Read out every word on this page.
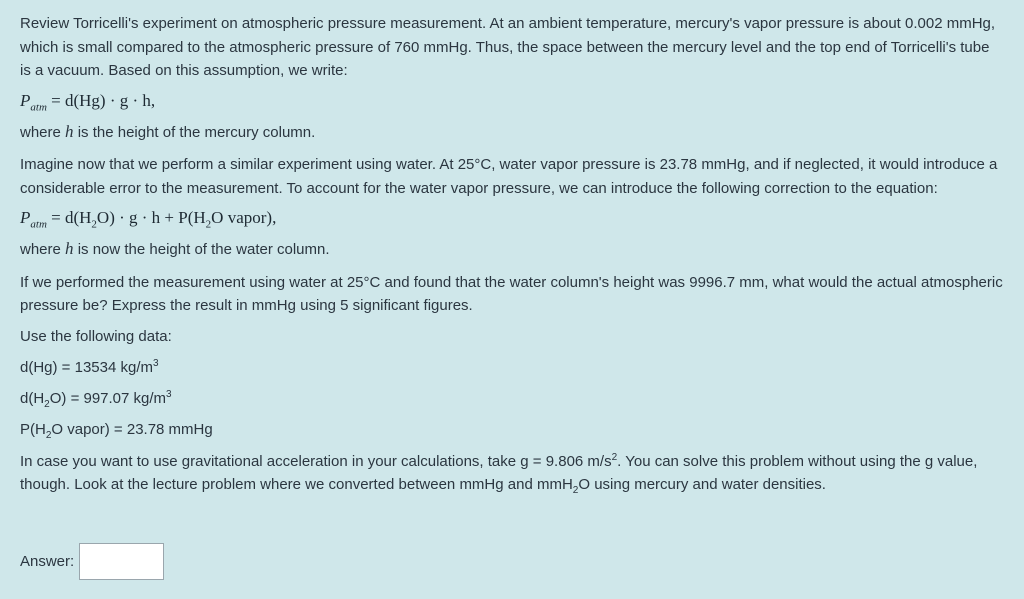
Review Torricelli's experiment on atmospheric pressure measurement. At an ambient temperature, mercury's vapor pressure is about 0.002 mmHg, which is small compared to the atmospheric pressure of 760 mmHg. Thus, the space between the mercury level and the top end of Torricelli's tube is a vacuum. Based on this assumption, we write:

$P_{atm} = d(Hg) \cdot g \cdot h$,

where h is the height of the mercury column.

Imagine now that we perform a similar experiment using water. At 25°C, water vapor pressure is 23.78 mmHg, and if neglected, it would introduce a considerable error to the measurement. To account for the water vapor pressure, we can introduce the following correction to the equation:

$P_{atm} = d(H_2O) \cdot g \cdot h + P(H_2O$ vapor),

where h is now the height of the water column.

If we performed the measurement using water at 25°C and found that the water column's height was 9996.7 mm, what would the actual atmospheric pressure be? Express the result in mmHg using 5 significant figures.

Use the following data:

d(Hg) = 13534 $kg/m^3$

$d(H_2O) = 997.07$ $kg/m^3$

$P(H_2O$ vapor) = 23.78 mmHg

In case you want to use gravitational acceleration in your calculations, take g = 9.806 $m/s^2$. You can solve this problem without using the g value, though. Look at the lecture problem where we converted between mmHg and mmH$_2$O using mercury and water densities.

Answer:
